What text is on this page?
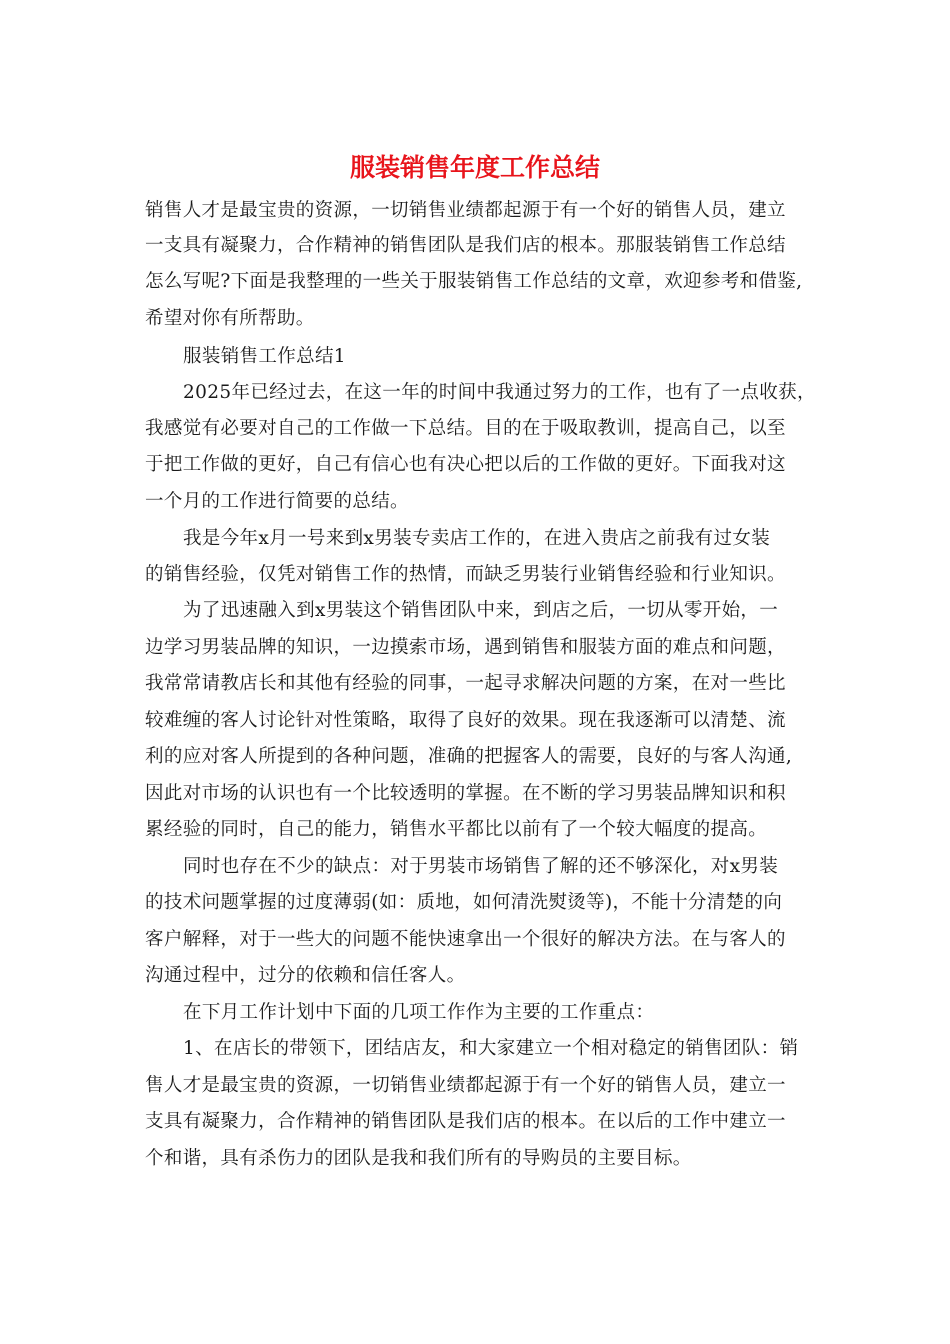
服装销售年度工作总结
销售人才是最宝贵的资源，一切销售业绩都起源于有一个好的销售人员，建立
一支具有凝聚力，合作精神的销售团队是我们店的根本。那服装销售工作总结
怎么写呢?下面是我整理的一些关于服装销售工作总结的文章，欢迎参考和借鉴,
希望对你有所帮助。
服装销售工作总结1
2025年已经过去，在这一年的时间中我通过努力的工作，也有了一点收获，
我感觉有必要对自己的工作做一下总结。目的在于吸取教训，提高自己，以至
于把工作做的更好，自己有信心也有决心把以后的工作做的更好。下面我对这
一个月的工作进行简要的总结。
我是今年x月一号来到x男装专卖店工作的，在进入贵店之前我有过女装
的销售经验，仅凭对销售工作的热情，而缺乏男装行业销售经验和行业知识。
为了迅速融入到x男装这个销售团队中来，到店之后，一切从零开始，一
边学习男装品牌的知识，一边摸索市场，遇到销售和服装方面的难点和问题，
我常常请教店长和其他有经验的同事，一起寻求解决问题的方案，在对一些比
较难缠的客人讨论针对性策略，取得了良好的效果。现在我逐渐可以清楚、流
利的应对客人所提到的各种问题，准确的把握客人的需要，良好的与客人沟通,
因此对市场的认识也有一个比较透明的掌握。在不断的学习男装品牌知识和积
累经验的同时，自己的能力，销售水平都比以前有了一个较大幅度的提高。
同时也存在不少的缺点：对于男装市场销售了解的还不够深化，对x男装
的技术问题掌握的过度薄弱(如：质地，如何清洗熨烫等)，不能十分清楚的向
客户解释，对于一些大的问题不能快速拿出一个很好的解决方法。在与客人的
沟通过程中，过分的依赖和信任客人。
在下月工作计划中下面的几项工作作为主要的工作重点：
1、在店长的带领下，团结店友，和大家建立一个相对稳定的销售团队：销
售人才是最宝贵的资源，一切销售业绩都起源于有一个好的销售人员，建立一
支具有凝聚力，合作精神的销售团队是我们店的根本。在以后的工作中建立一
个和谐，具有杀伤力的团队是我和我们所有的导购员的主要目标。
